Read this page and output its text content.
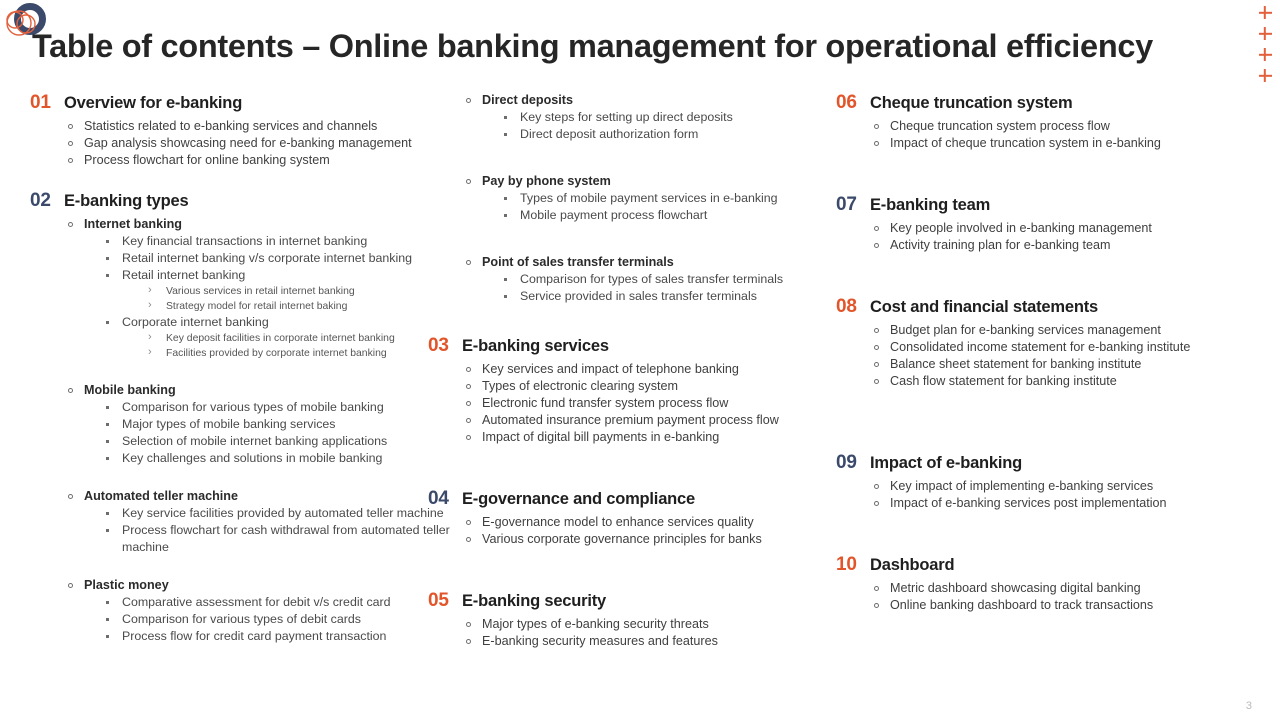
Table of contents – Online banking management for operational efficiency
01 Overview for e-banking
Statistics related to e-banking services and channels
Gap analysis showcasing need for e-banking management
Process flowchart for online banking system
02 E-banking types
Internet banking
Key financial transactions in internet banking
Retail internet banking v/s corporate internet banking
Retail internet banking
› Various services in retail internet banking
› Strategy model for retail internet baking
Corporate internet banking
› Key deposit facilities in corporate internet banking
› Facilities provided by corporate internet banking
Mobile banking
Comparison for various types of mobile banking
Major types of mobile banking services
Selection of mobile internet banking applications
Key challenges and solutions in mobile banking
Automated teller machine
Key service facilities provided by automated teller machine
Process flowchart for cash withdrawal from automated teller machine
Plastic money
Comparative assessment for debit v/s credit card
Comparison for various types of debit cards
Process flow for credit card payment transaction
Direct deposits
Key steps for setting up direct deposits
Direct deposit authorization form
Pay by phone system
Types of mobile payment services in e-banking
Mobile payment process flowchart
Point of sales transfer terminals
Comparison for types of sales transfer terminals
Service provided in sales transfer terminals
03 E-banking services
Key services and impact of telephone banking
Types of electronic clearing system
Electronic fund transfer system process flow
Automated insurance premium payment process flow
Impact of digital bill payments in e-banking
04 E-governance and compliance
E-governance model to enhance services quality
Various corporate governance principles for banks
05 E-banking security
Major types of e-banking security threats
E-banking security measures and features
06 Cheque truncation system
Cheque truncation system process flow
Impact of cheque truncation system in e-banking
07 E-banking team
Key people involved in e-banking management
Activity training plan for e-banking team
08 Cost and financial statements
Budget plan for e-banking services management
Consolidated income statement for e-banking institute
Balance sheet statement for banking institute
Cash flow statement for banking institute
09 Impact of e-banking
Key impact of implementing e-banking services
Impact of e-banking services post implementation
10 Dashboard
Metric dashboard showcasing digital banking
Online banking dashboard to track transactions
3
